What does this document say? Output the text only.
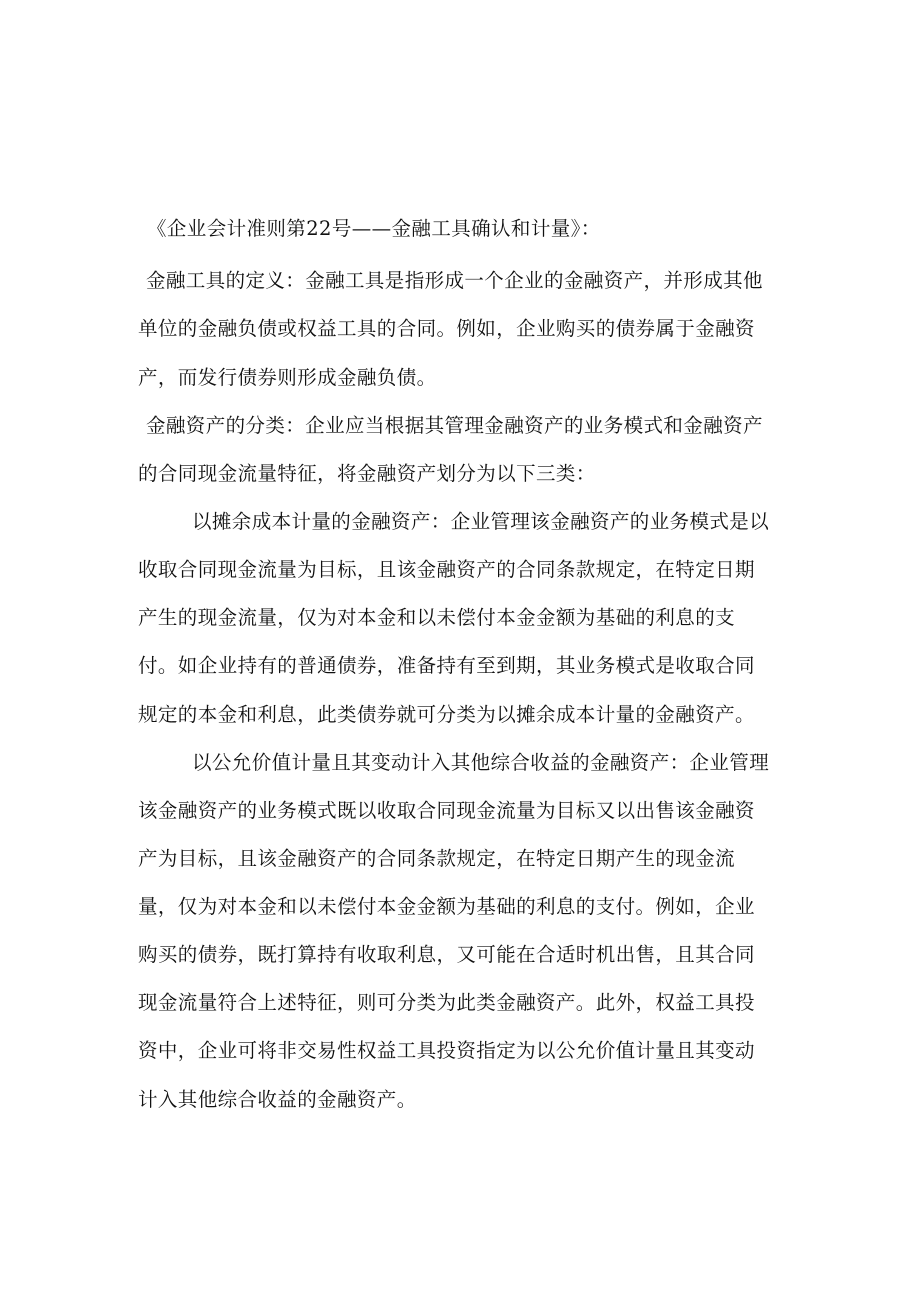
《企业会计准则第22号——金融工具确认和计量》：
金融工具的定义：金融工具是指形成一个企业的金融资产，并形成其他
单位的金融负债或权益工具的合同。例如，企业购买的债券属于金融资
产，而发行债券则形成金融负债。
金融资产的分类：企业应当根据其管理金融资产的业务模式和金融资产
的合同现金流量特征，将金融资产划分为以下三类：
以摊余成本计量的金融资产：企业管理该金融资产的业务模式是以
收取合同现金流量为目标，且该金融资产的合同条款规定，在特定日期
产生的现金流量，仅为对本金和以未偿付本金金额为基础的利息的支
付。如企业持有的普通债券，准备持有至到期，其业务模式是收取合同
规定的本金和利息，此类债券就可分类为以摊余成本计量的金融资产。
以公允价值计量且其变动计入其他综合收益的金融资产：企业管理
该金融资产的业务模式既以收取合同现金流量为目标又以出售该金融资
产为目标，且该金融资产的合同条款规定，在特定日期产生的现金流
量，仅为对本金和以未偿付本金金额为基础的利息的支付。例如，企业
购买的债券，既打算持有收取利息，又可能在合适时机出售，且其合同
现金流量符合上述特征，则可分类为此类金融资产。此外，权益工具投
资中，企业可将非交易性权益工具投资指定为以公允价值计量且其变动
计入其他综合收益的金融资产。
